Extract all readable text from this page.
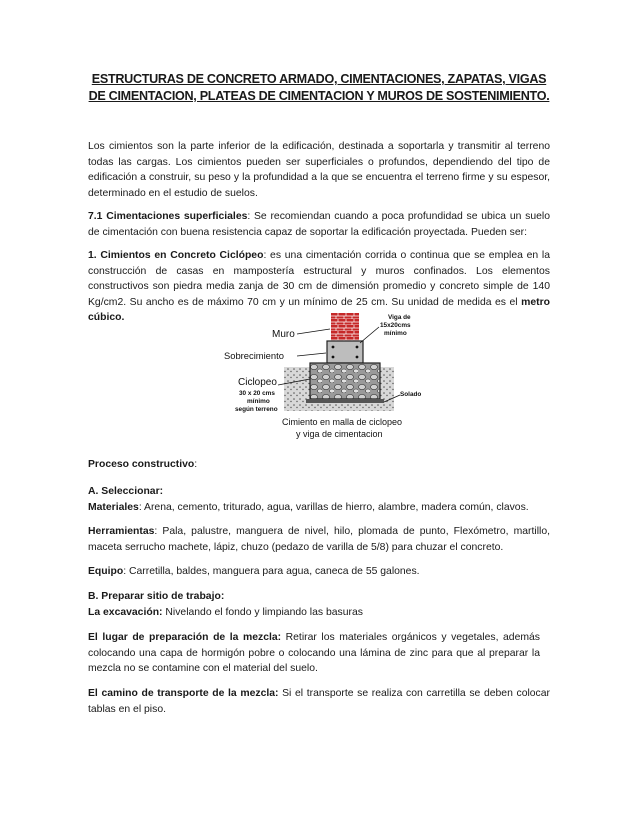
ESTRUCTURAS DE CONCRETO ARMADO, CIMENTACIONES, ZAPATAS, VIGAS DE CIMENTACION, PLATEAS DE CIMENTACION Y MUROS DE SOSTENIMIENTO.
Los cimientos son la parte inferior de la edificación, destinada a soportarla y transmitir al terreno todas las cargas. Los cimientos pueden ser superficiales o profundos, dependiendo del tipo de edificación a construir, su peso y la profundidad a la que se encuentra el terreno firme y su espesor, determinado en el estudio de suelos.
7.1 Cimentaciones superficiales: Se recomiendan cuando a poca profundidad se ubica un suelo de cimentación con buena resistencia capaz de soportar la edificación proyectada. Pueden ser:
1. Cimientos en Concreto Ciclópeo: es una cimentación corrida o continua que se emplea en la construcción de casas en mampostería estructural y muros confinados. Los elementos constructivos son piedra media zanja de 30 cm de dimensión promedio y concreto simple de 140 Kg/cm2. Su ancho es de máximo 70 cm y un mínimo de 25 cm. Su unidad de medida es el metro cúbico.
Muro
Sobrecimiento
Ciclopeo
30 x 20 cms
mínimo
según terreno
Viga de
15x20cms
mínimo
Solado
Cimiento en malla de ciclopeo
y viga de cimentacion
Proceso constructivo:
A. Seleccionar:
Materiales: Arena, cemento, triturado, agua, varillas de hierro, alambre, madera común, clavos.
Herramientas: Pala, palustre, manguera de nivel, hilo, plomada de punto, Flexómetro, martillo, maceta serrucho machete, lápiz, chuzo (pedazo de varilla de 5/8) para chuzar el concreto.
Equipo: Carretilla, baldes, manguera para agua, caneca de 55 galones.
B. Preparar sitio de trabajo:
La excavación: Nivelando el fondo y limpiando las basuras
El lugar de preparación de la mezcla: Retirar los materiales orgánicos y vegetales, además colocando una capa de hormigón pobre o colocando una lámina de zinc para que al preparar la mezcla no se contamine con el material del suelo.
El camino de transporte de la mezcla: Si el transporte se realiza con carretilla se deben colocar tablas en el piso.
